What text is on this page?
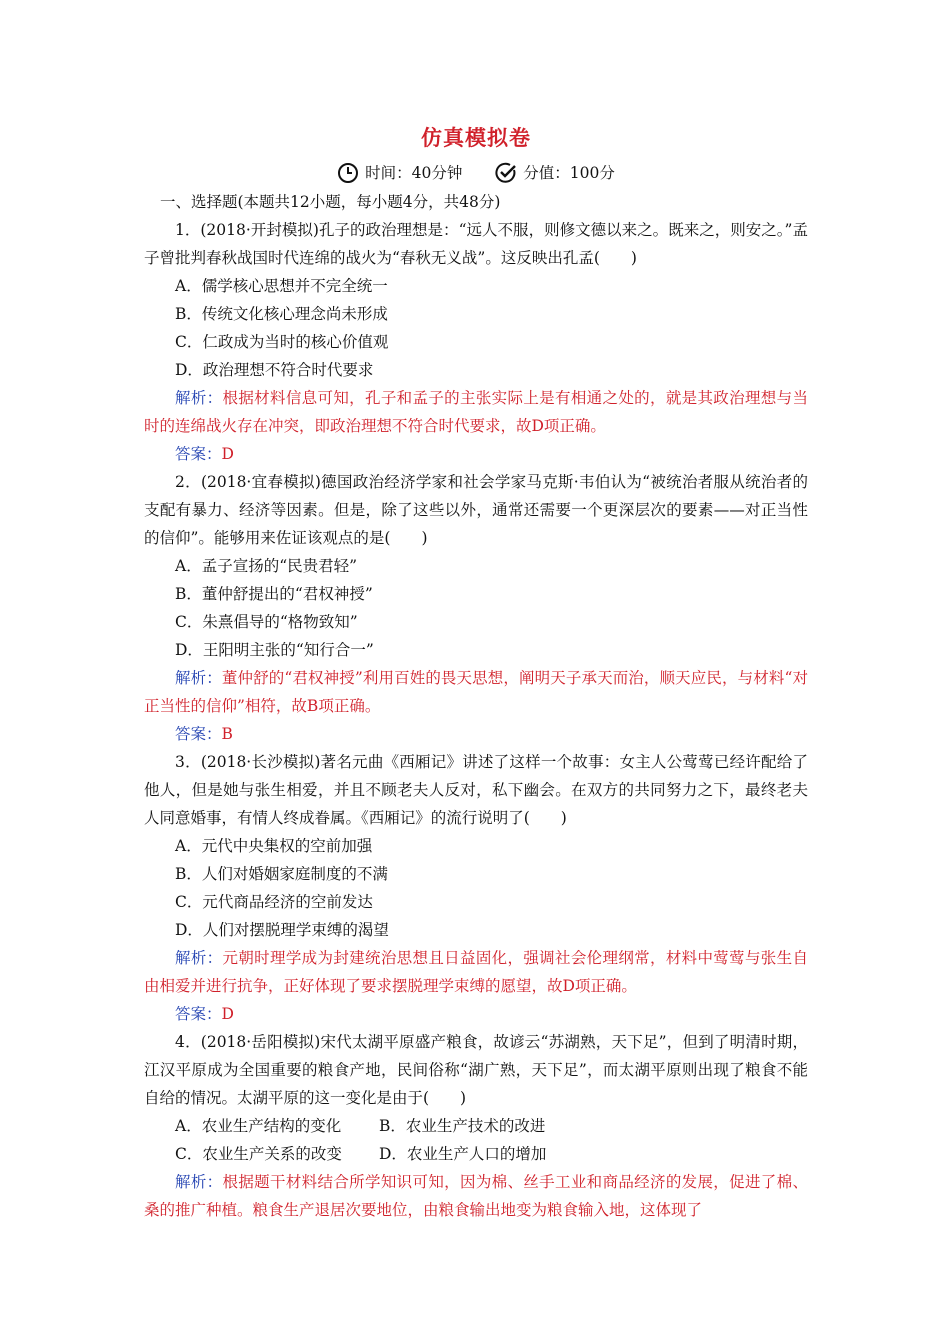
仿真模拟卷
时间：40分钟
	分值：100分
一、选择题(本题共12小题，每小题4分，共48分)
1．(2018·开封模拟)孔子的政治理想是：“远人不服，则修文德以来之。既来之，则安之。”孟子曾批判春秋战国时代连绵的战火为“春秋无义战”。这反映出孔孟(　　)
A．儒学核心思想并不完全统一
B．传统文化核心理念尚未形成
C．仁政成为当时的核心价值观
D．政治理想不符合时代要求
解析：根据材料信息可知，孔子和孟子的主张实际上是有相通之处的，就是其政治理想与当时的连绵战火存在冲突，即政治理想不符合时代要求，故D项正确。
答案：D
2．(2018·宜春模拟)德国政治经济学家和社会学家马克斯·韦伯认为“被统治者服从统治者的支配有暴力、经济等因素。但是，除了这些以外，通常还需要一个更深层次的要素——对正当性的信仰”。能够用来佐证该观点的是(　　)
A．孟子宣扬的“民贵君轻”
B．董仲舒提出的“君权神授”
C．朱熹倡导的“格物致知”
D．王阳明主张的“知行合一”
解析：董仲舒的“君权神授”利用百姓的畏天思想，阐明天子承天而治，顺天应民，与材料“对正当性的信仰”相符，故B项正确。
答案：B
3．(2018·长沙模拟)著名元曲《西厢记》讲述了这样一个故事：女主人公莺莺已经许配给了他人，但是她与张生相爱，并且不顾老夫人反对，私下幽会。在双方的共同努力之下，最终老夫人同意婚事，有情人终成眷属。《西厢记》的流行说明了(　　)
A．元代中央集权的空前加强
B．人们对婚姻家庭制度的不满
C．元代商品经济的空前发达
D．人们对摆脱理学束缚的渴望
解析：元朝时理学成为封建统治思想且日益固化，强调社会伦理纲常，材料中莺莺与张生自由相爱并进行抗争，正好体现了要求摆脱理学束缚的愿望，故D项正确。
答案：D
4．(2018·岳阳模拟)宋代太湖平原盛产粮食，故谚云“苏湖熟，天下足”，但到了明清时期，江汉平原成为全国重要的粮食产地，民间俗称“湖广熟，天下足”，而太湖平原则出现了粮食不能自给的情况。太湖平原的这一变化是由于(　　)
A．农业生产结构的变化 B．农业生产技术的改进
C．农业生产关系的改变 D．农业生产人口的增加
解析：根据题干材料结合所学知识可知，因为棉、丝手工业和商品经济的发展，促进了棉、桑的推广种植。粮食生产退居次要地位，由粮食输出地变为粮食输入地，这体现了
